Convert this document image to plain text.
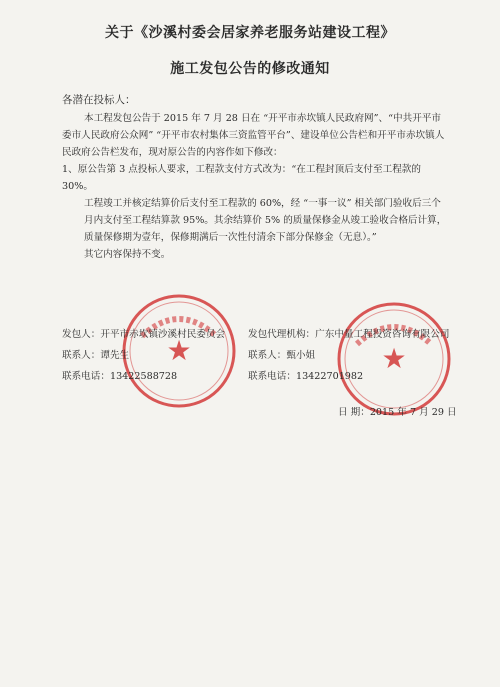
关于《沙溪村委会居家养老服务站建设工程》
施工发包公告的修改通知
各潜在投标人：

本工程发包公告于 2015 年 7 月 28 日在 “开平市赤坎镇人民政府网”、“中共开平市委市人民政府公众网” “开平市农村集体三资监管平台”、建设单位公告栏和开平市赤坎镇人民政府公告栏发布，现对原公告的内容作如下修改：

1、原公告第 3 点投标人要求，工程款支付方式改为：“在工程封顶后支付至工程款的 30%。

工程竣工并核定结算价后支付至工程款的 60%，经 “一事一议” 相关部门验收后三个月内支付至工程结算款 95%。其余结算价 5% 的质量保修金从竣工验收合格后计算，质量保修期为壹年，保修期满后一次性付清余下部分保修金（无息）。”

其它内容保持不变。

★	★
发包人：开平市赤坎镇沙溪村民委员会
联系人：谭先生
联系电话：13422588728
发包代理机构：广东中量工程投资咨询有限公司
联系人：甄小姐
联系电话：13422701982
日 期：2015 年 7 月 29 日
